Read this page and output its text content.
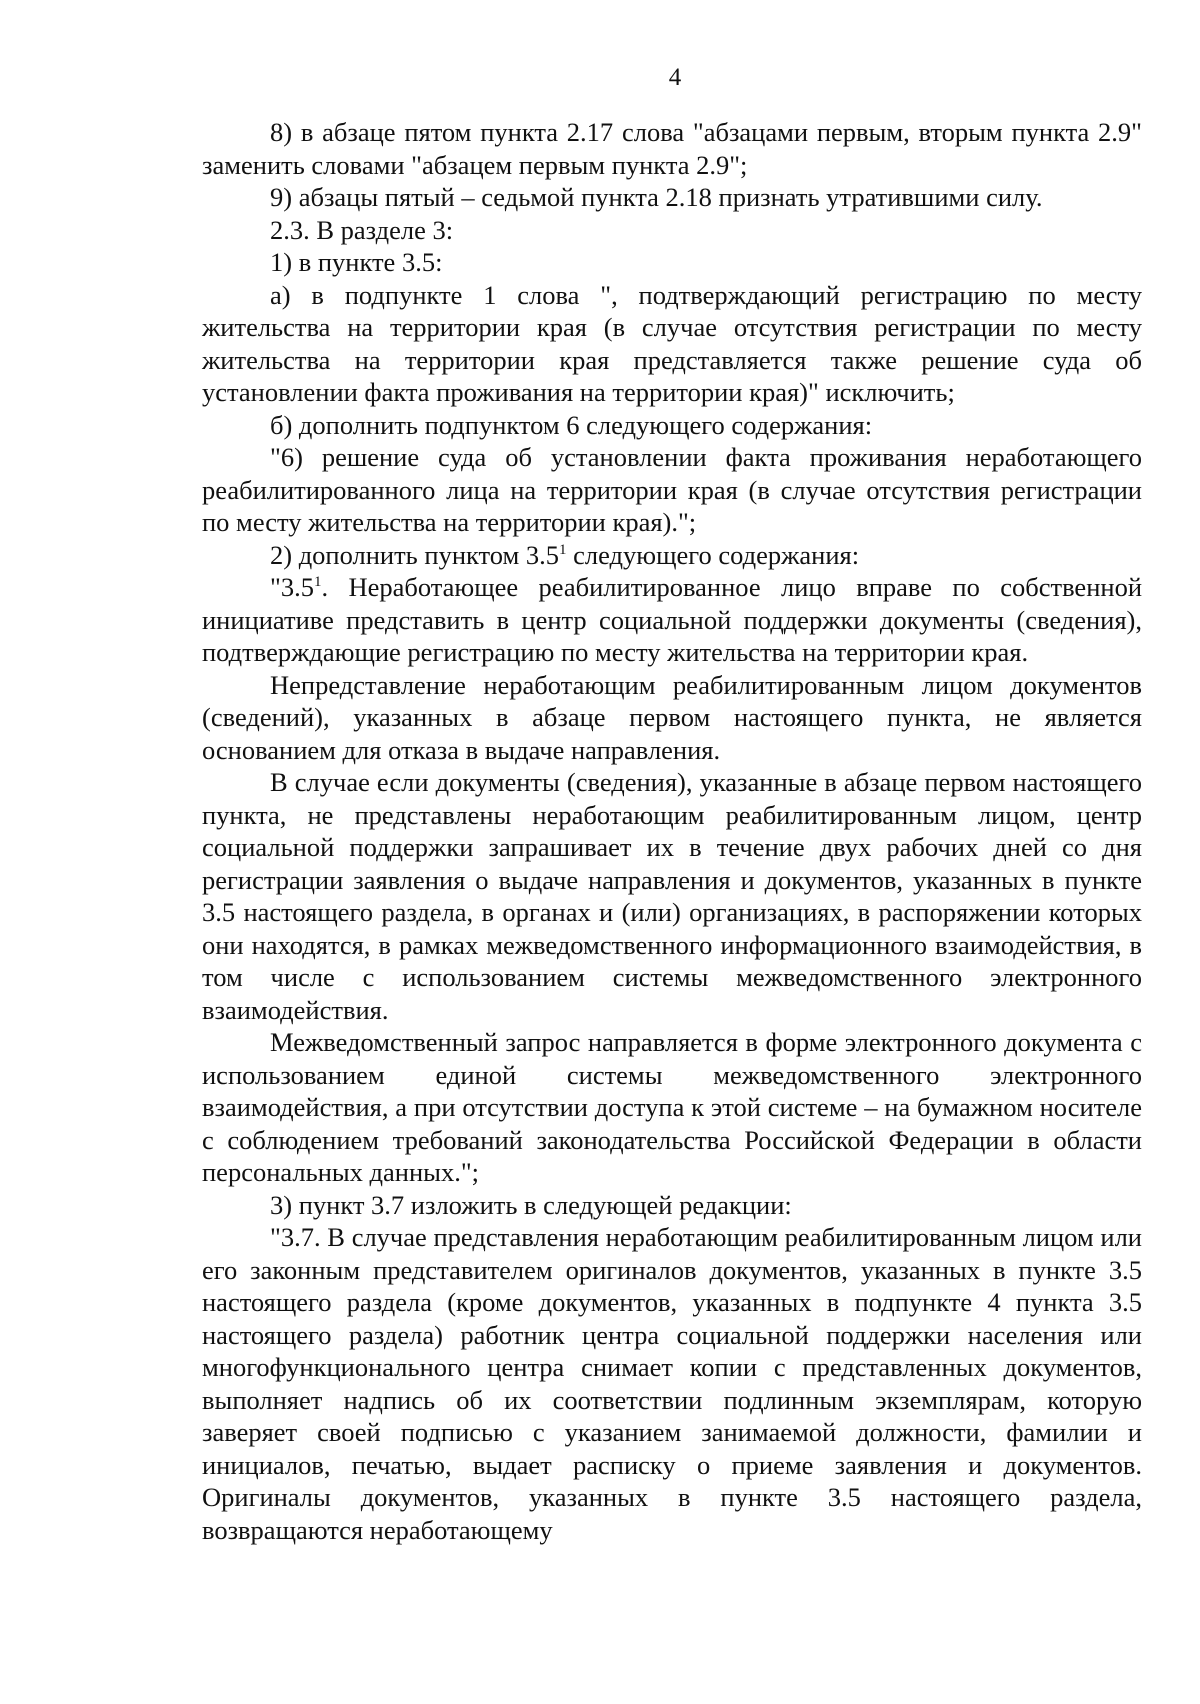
4

8) в абзаце пятом пункта 2.17 слова "абзацами первым, вторым пункта 2.9" заменить словами "абзацем первым пункта 2.9";

9) абзацы пятый – седьмой пункта 2.18 признать утратившими силу.

2.3. В разделе 3:

1) в пункте 3.5:

а) в подпункте 1 слова ", подтверждающий регистрацию по месту жительства на территории края (в случае отсутствия регистрации по месту жительства на территории края представляется также решение суда об установлении факта проживания на территории края)" исключить;

б) дополнить подпунктом 6 следующего содержания:

"6) решение суда об установлении факта проживания неработающего реабилитированного лица на территории края (в случае отсутствия регистрации по месту жительства на территории края).";

2) дополнить пунктом $3.5^1$ следующего содержания:

"$3.5^1$. Неработающее реабилитированное лицо вправе по собственной инициативе представить в центр социальной поддержки документы (сведения), подтверждающие регистрацию по месту жительства на территории края.

Непредставление неработающим реабилитированным лицом документов (сведений), указанных в абзаце первом настоящего пункта, не является основанием для отказа в выдаче направления.

В случае если документы (сведения), указанные в абзаце первом настоящего пункта, не представлены неработающим реабилитированным лицом, центр социальной поддержки запрашивает их в течение двух рабочих дней со дня регистрации заявления о выдаче направления и документов, указанных в пункте 3.5 настоящего раздела, в органах и (или) организациях, в распоряжении которых они находятся, в рамках межведомственного информационного взаимодействия, в том числе с использованием системы межведомственного электронного взаимодействия.

Межведомственный запрос направляется в форме электронного документа с использованием единой системы межведомственного электронного взаимодействия, а при отсутствии доступа к этой системе – на бумажном носителе с соблюдением требований законодательства Российской Федерации в области персональных данных.";

3) пункт 3.7 изложить в следующей редакции:

"3.7. В случае представления неработающим реабилитированным лицом или его законным представителем оригиналов документов, указанных в пункте 3.5 настоящего раздела (кроме документов, указанных в подпункте 4 пункта 3.5 настоящего раздела) работник центра социальной поддержки населения или многофункционального центра снимает копии с представленных документов, выполняет надпись об их соответствии подлинным экземплярам, которую заверяет своей подписью с указанием занимаемой должности, фамилии и инициалов, печатью, выдает расписку о приеме заявления и документов. Оригиналы документов, указанных в пункте 3.5 настоящего раздела, возвращаются неработающему
